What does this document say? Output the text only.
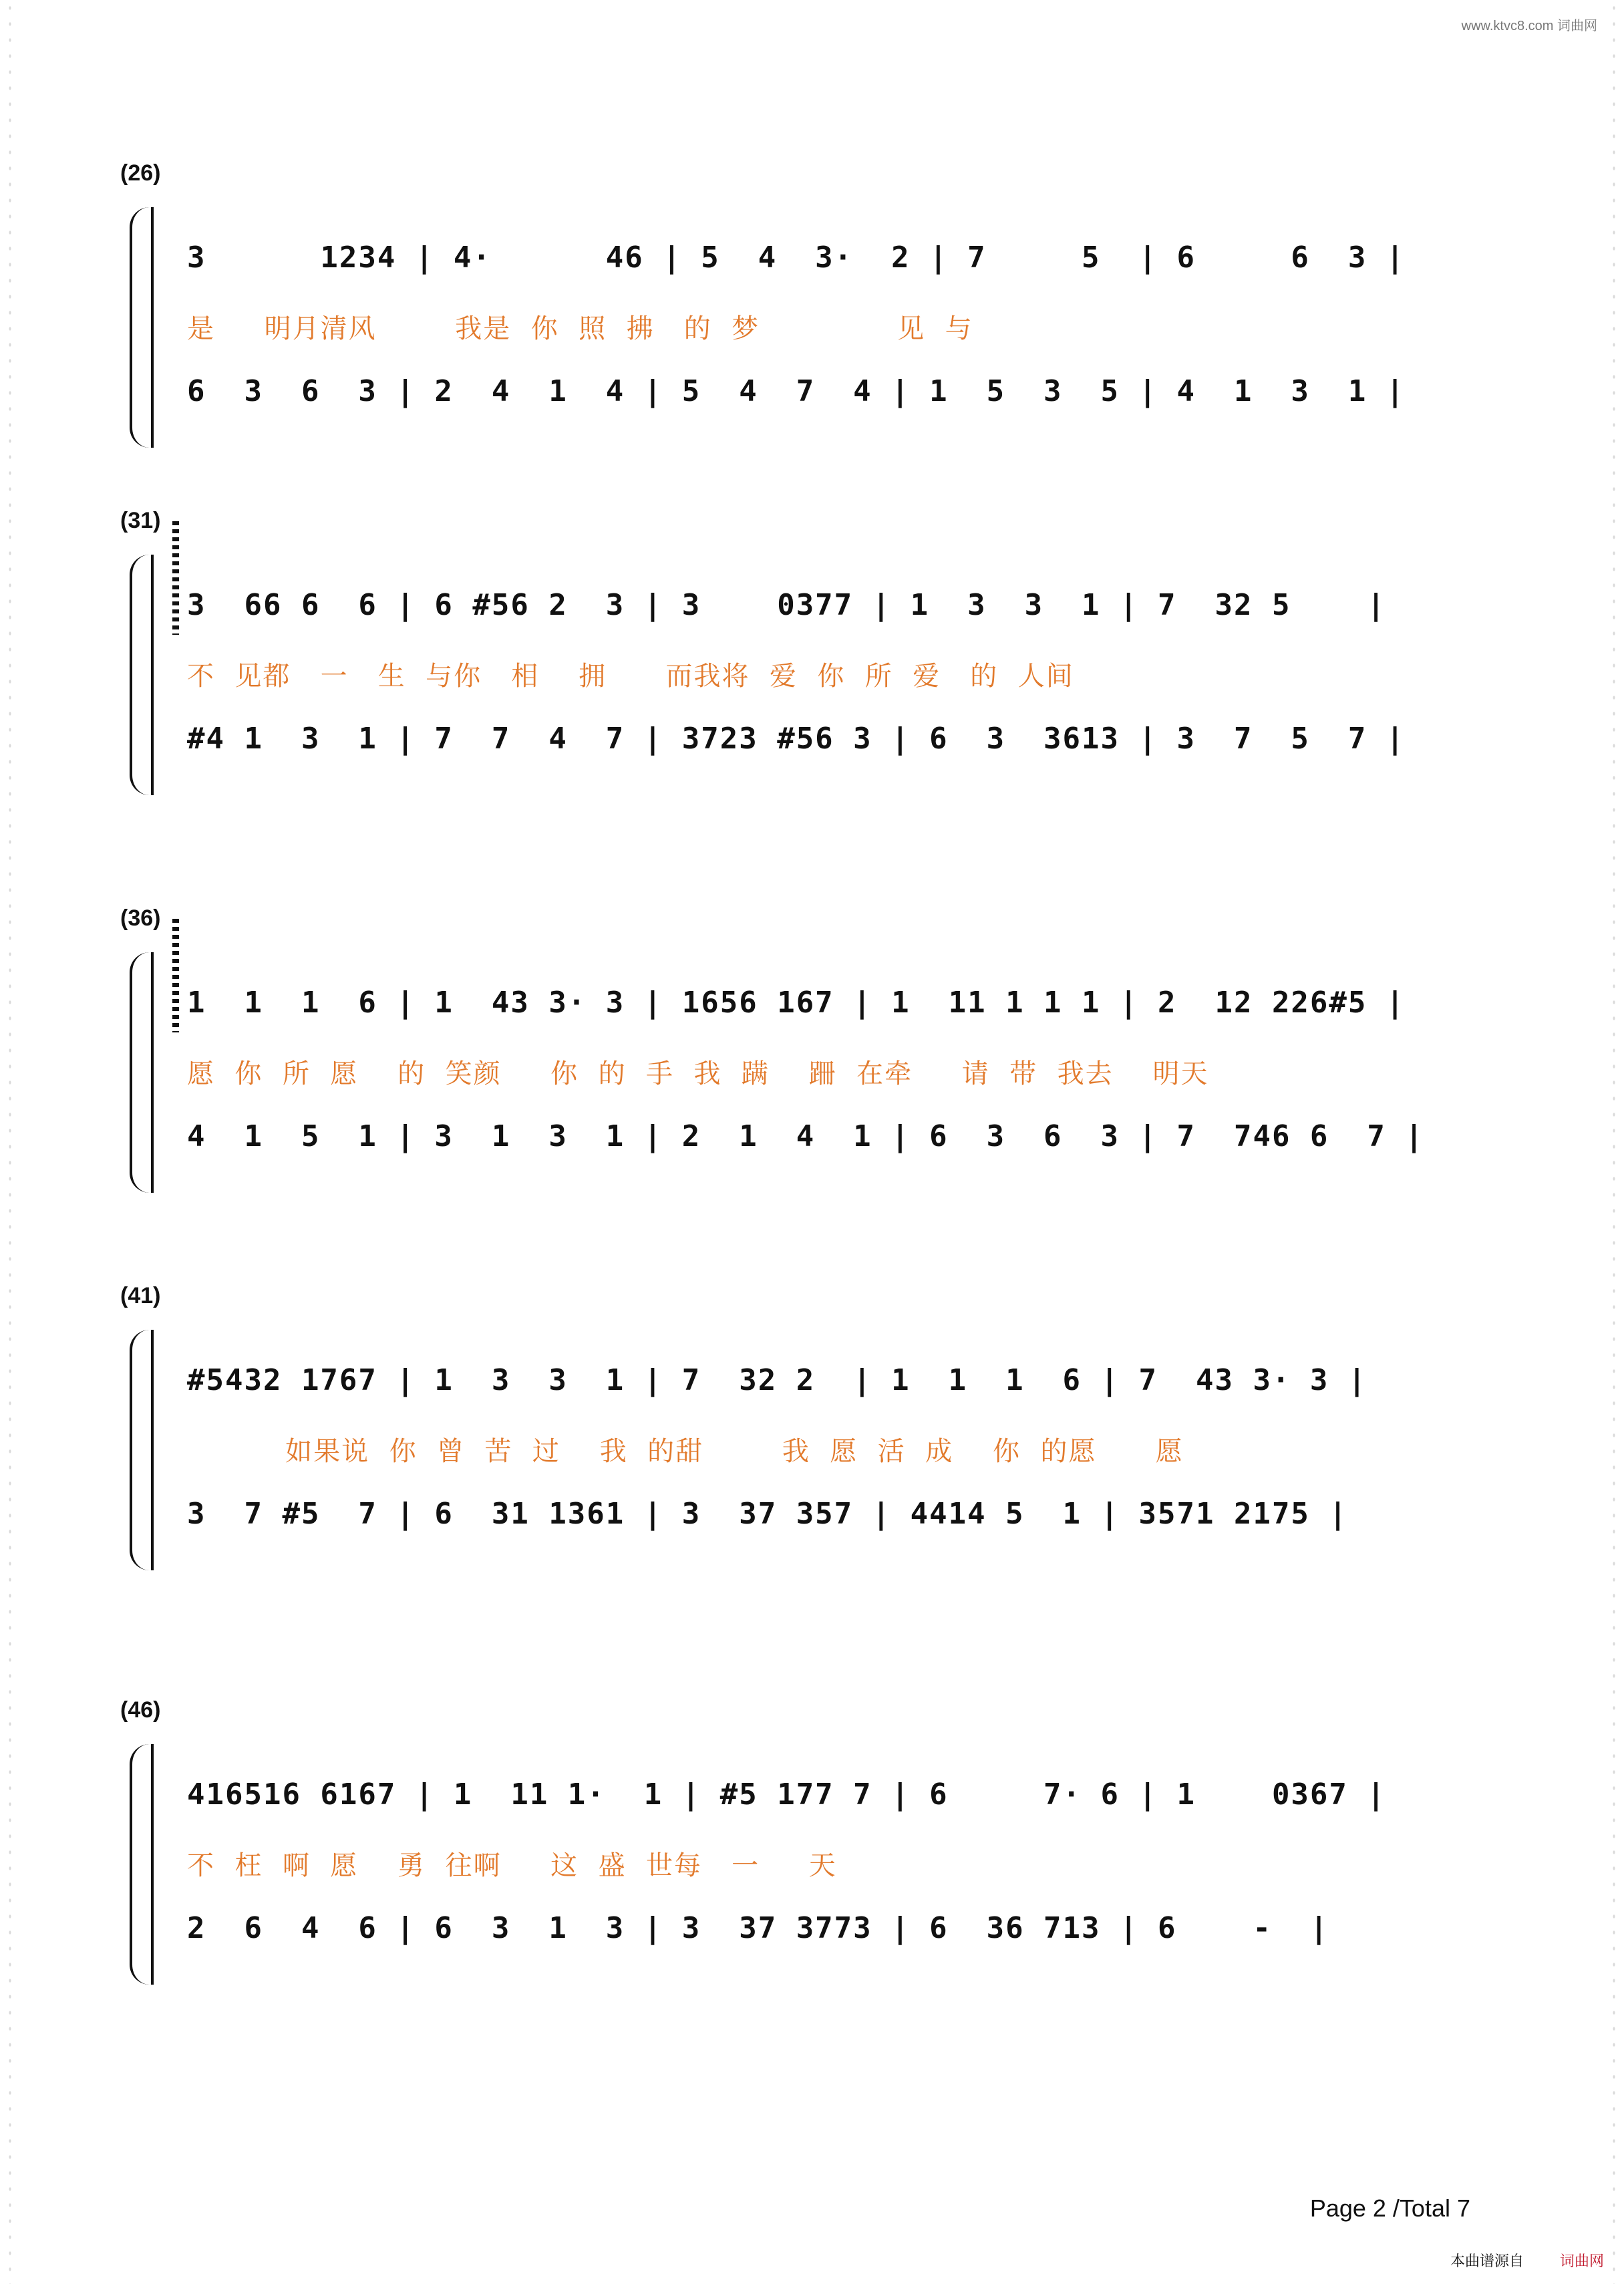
www.ktvc8.com 词曲网
(26)
3      1234 | 4·      46 | 5  4  3·  2 | 7     5  | 6     6  3 |
是     明月清风        我是  你  照  拂   的  梦              见  与
6  3  6  3 | 2  4  1  4 | 5  4  7  4 | 1  5  3  5 | 4  1  3  1 |
(31)
3  66 6  6 | 6 #56 2  3 | 3    0377 | 1  3  3  1 | 7  32 5    |
不  见都   一   生  与你   相    拥      而我将  爱  你  所  爱   的  人间
#4 1  3  1 | 7  7  4  7 | 3723 #56 3 | 6  3  3613 | 3  7  5  7 |
(36)
1  1  1  6 | 1  43 3· 3 | 1656 167 | 1  11 1 1 1 | 2  12 226#5 |
愿  你  所  愿    的  笑颜     你  的  手  我  蹒    跚  在牵     请  带  我去    明天
4  1  5  1 | 3  1  3  1 | 2  1  4  1 | 6  3  6  3 | 7  746 6  7 |
(41)
#5432 1767 | 1  3  3  1 | 7  32 2  | 1  1  1  6 | 7  43 3· 3 |
如果说  你  曾  苦  过    我  的甜        我  愿  活  成    你  的愿      愿
3  7 #5  7 | 6  31 1361 | 3  37 357 | 4414 5  1 | 3571 2175 |
(46)
416516 6167 | 1  11 1·  1 | #5 177 7 | 6     7· 6 | 1    0367 |
不  枉  啊  愿    勇  往啊     这  盛  世每   一     天
2  6  4  6 | 6  3  1  3 | 3  37 3773 | 6  36 713 | 6    -  |
Page 2 /Total 7
本曲谱源自 词曲网
